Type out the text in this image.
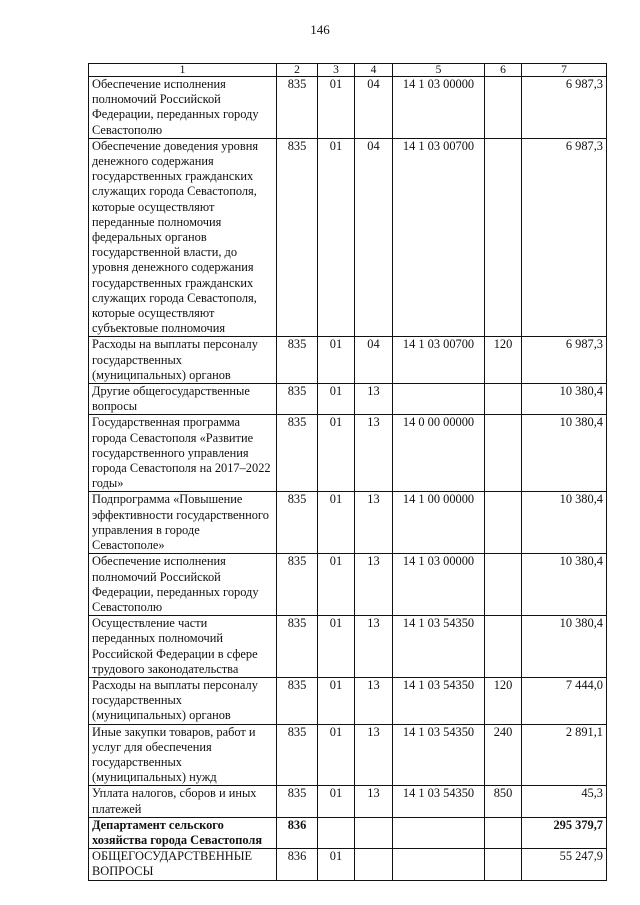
146
1	2	3	4	5	6	7
Обеспечение исполнения полномочий Российской Федерации, переданных городу Севастополю	835	01	04	14 1 03 00000		6 987,3
Обеспечение доведения уровня денежного содержания государственных гражданских служащих города Севастополя, которые осуществляют переданные полномочия федеральных органов государственной власти, до уровня денежного содержания государственных гражданских служащих города Севастополя, которые осуществляют субъектовые полномочия	835	01	04	14 1 03 00700		6 987,3
Расходы на выплаты персоналу государственных (муниципальных) органов	835	01	04	14 1 03 00700	120	6 987,3
Другие общегосударственные вопросы	835	01	13			10 380,4
Государственная программа города Севастополя «Развитие государственного управления города Севастополя на 2017–2022 годы»	835	01	13	14 0 00 00000		10 380,4
Подпрограмма «Повышение эффективности государственного управления в городе Севастополе»	835	01	13	14 1 00 00000		10 380,4
Обеспечение исполнения полномочий Российской Федерации, переданных городу Севастополю	835	01	13	14 1 03 00000		10 380,4
Осуществление части переданных полномочий Российской Федерации в сфере трудового законодательства	835	01	13	14 1 03 54350		10 380,4
Расходы на выплаты персоналу государственных (муниципальных) органов	835	01	13	14 1 03 54350	120	7 444,0
Иные закупки товаров, работ и услуг для обеспечения государственных (муниципальных) нужд	835	01	13	14 1 03 54350	240	2 891,1
Уплата налогов, сборов и иных платежей	835	01	13	14 1 03 54350	850	45,3
Департамент сельского хозяйства города Севастополя	836					295 379,7
ОБЩЕГОСУДАРСТВЕННЫЕ ВОПРОСЫ	836	01				55 247,9
